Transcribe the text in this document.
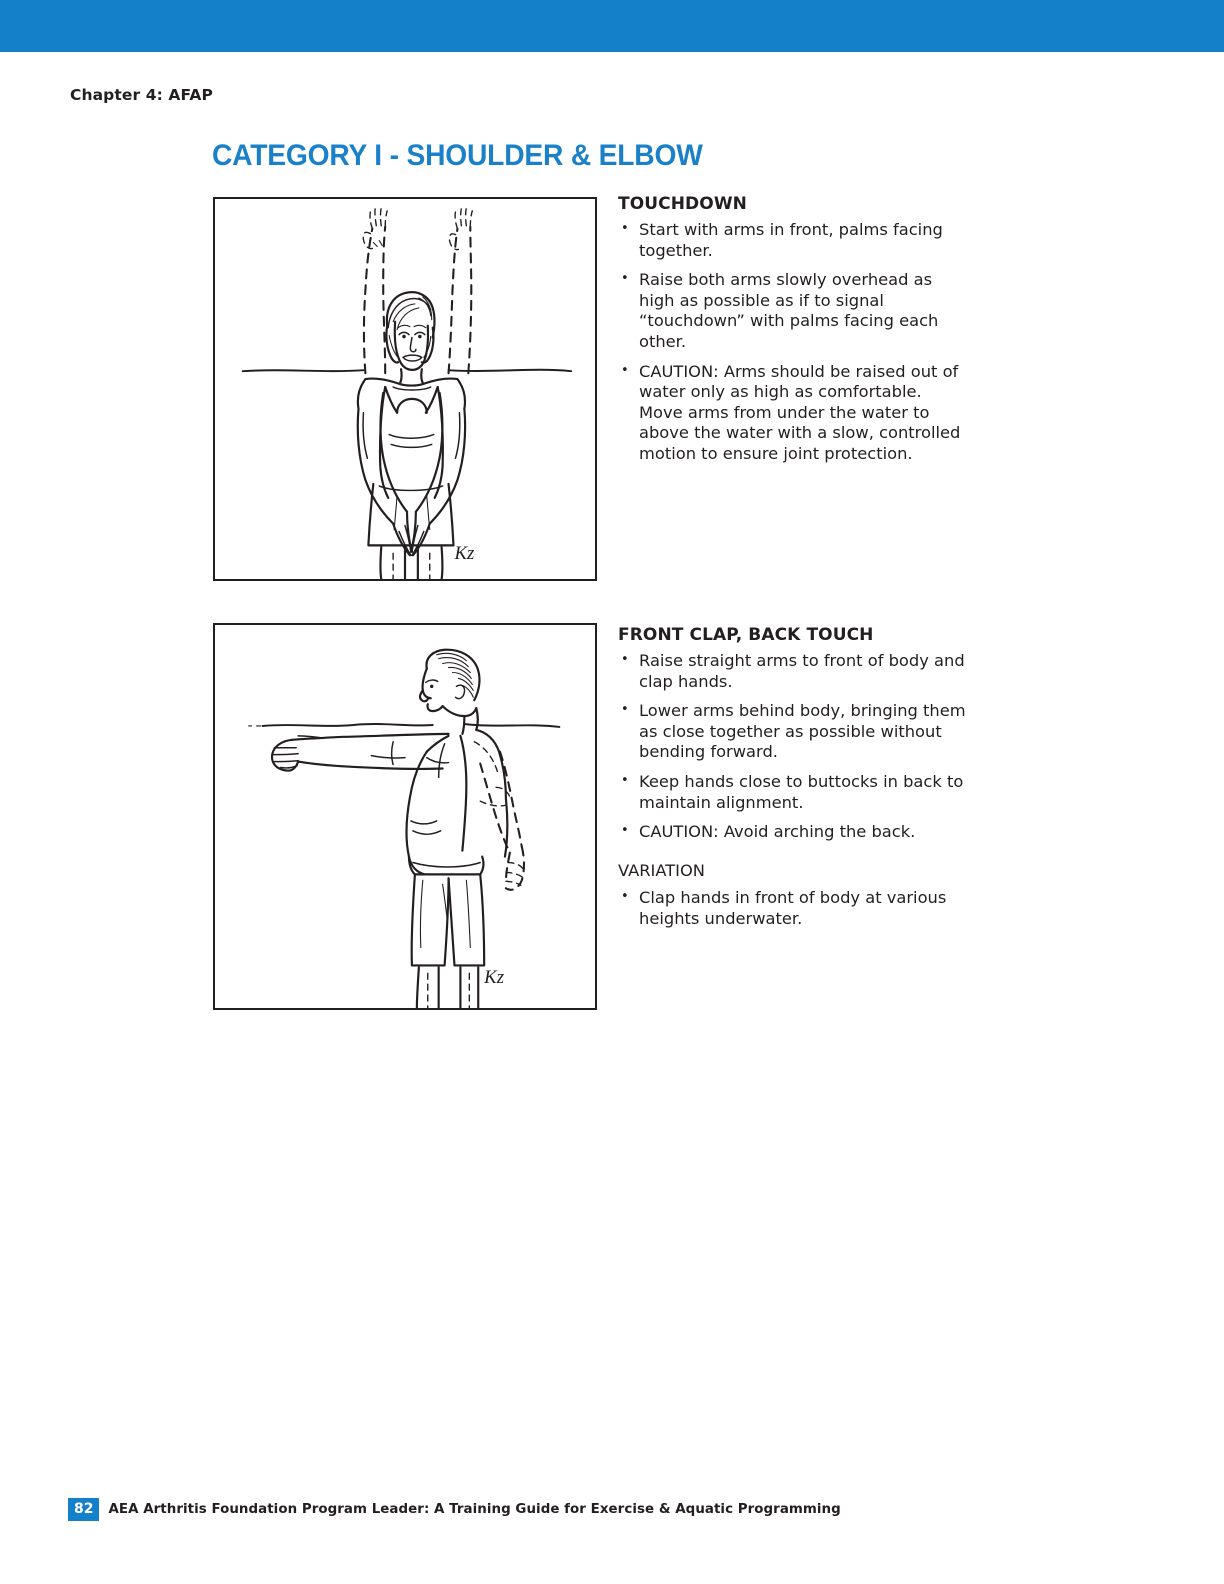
Chapter 4: AFAP
CATEGORY I - SHOULDER & ELBOW
Kz
TOUCHDOWN
• Start with arms in front, palms facing together.
• Raise both arms slowly overhead as high as possible as if to signal “touchdown” with palms facing each other.
• CAUTION: Arms should be raised out of water only as high as comfortable. Move arms from under the water to above the water with a slow, controlled motion to ensure joint protection.
Kz
FRONT CLAP, BACK TOUCH
• Raise straight arms to front of body and clap hands.
• Lower arms behind body, bringing them as close together as possible without bending forward.
• Keep hands close to buttocks in back to maintain alignment.
• CAUTION: Avoid arching the back.
VARIATION
• Clap hands in front of body at various heights underwater.
82	AEA Arthritis Foundation Program Leader: A Training Guide for Exercise & Aquatic Programming
